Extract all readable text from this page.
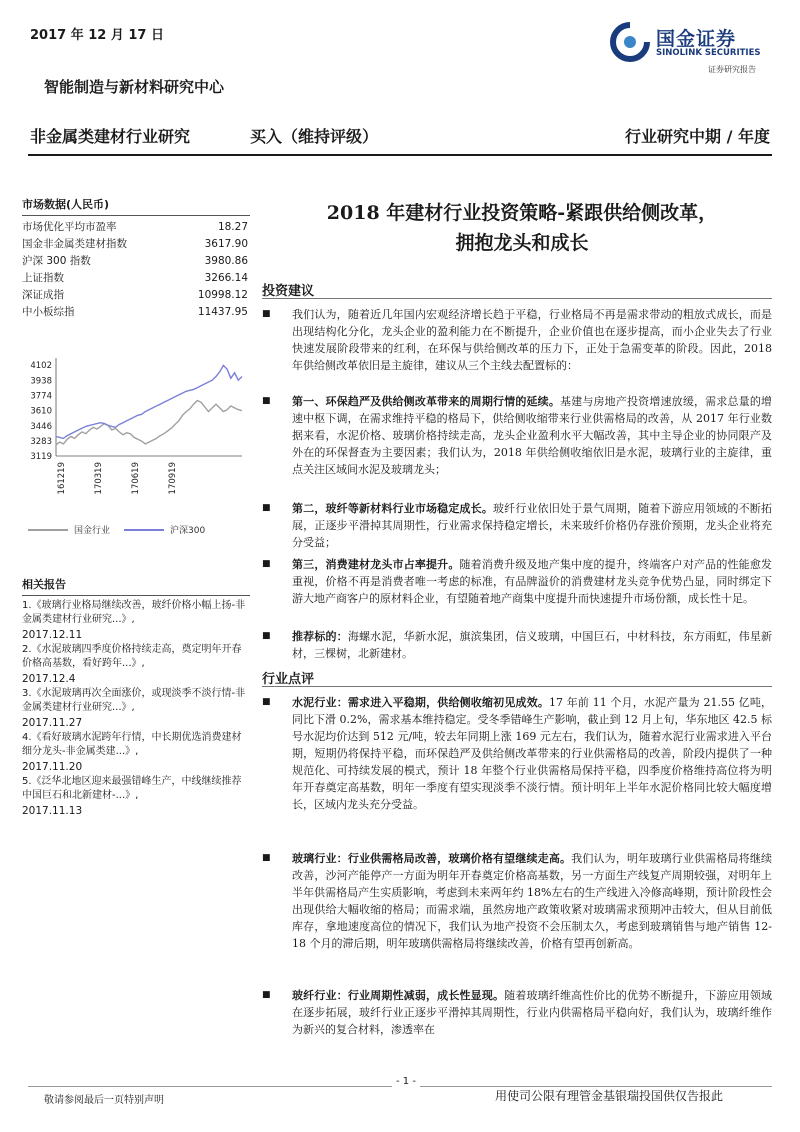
2017 年 12 月 17 日	国金证券
SINOLINK SECURITIES
证券研究报告
智能制造与新材料研究中心
非金属类建材行业研究	买入（维持评级）	行业研究中期 / 年度
市场数据(人民币)
市场优化平均市盈率	18.27
国金非金属类建材指数	3617.90
沪深 300 指数	3980.86
上证指数	3266.14
深证成指	10998.12
中小板综指	11437.95
3119
3283
3446
3610
3774
3938
4102
161219	170319	170619	170919
国金行业	沪深300
相关报告
1.《玻璃行业格局继续改善，玻纤价格小幅上扬-非金属类建材行业研究...》,
2017.12.11
2.《水泥玻璃四季度价格持续走高，奠定明年开春价格高基数，看好跨年...》,
2017.12.4
3.《水泥玻璃再次全面涨价，或现淡季不淡行情-非金属类建材行业研究...》,
2017.11.27
4.《看好玻璃水泥跨年行情，中长期优选消费建材细分龙头-非金属类建...》,
2017.11.20
5.《泛华北地区迎来最强错峰生产，中线继续推荐中国巨石和北新建材-...》,
2017.11.13
2018 年建材行业投资策略-紧跟供给侧改革，
拥抱龙头和成长
投资建议
■	我们认为，随着近几年国内宏观经济增长趋于平稳，行业格局不再是需求带动的粗放式成长，而是出现结构化分化，龙头企业的盈利能力在不断提升，企业价值也在逐步提高，而小企业失去了行业快速发展阶段带来的红利，在环保与供给侧改革的压力下，正处于急需变革的阶段。因此，2018 年供给侧改革依旧是主旋律，建议从三个主线去配置标的：
■	第一、环保趋严及供给侧改革带来的周期行情的延续。基建与房地产投资增速放缓，需求总量的增速中枢下调，在需求维持平稳的格局下，供给侧收缩带来行业供需格局的改善，从 2017 年行业数据来看，水泥价格、玻璃价格持续走高，龙头企业盈利水平大幅改善，其中主导企业的协同限产及外在的环保督查为主要因素；我们认为，2018 年供给侧收缩依旧是水泥，玻璃行业的主旋律，重点关注区域间水泥及玻璃龙头；
■	第二，玻纤等新材料行业市场稳定成长。玻纤行业依旧处于景气周期，随着下游应用领域的不断拓展，正逐步平滑掉其周期性，行业需求保持稳定增长，未来玻纤价格仍存涨价预期，龙头企业将充分受益；
■	第三，消费建材龙头市占率提升。随着消费升级及地产集中度的提升，终端客户对产品的性能愈发重视，价格不再是消费者唯一考虑的标准，有品牌溢价的消费建材龙头竞争优势凸显，同时绑定下游大地产商客户的原材料企业，有望随着地产商集中度提升而快速提升市场份额，成长性十足。
■	推荐标的：海螺水泥，华新水泥，旗滨集团，信义玻璃，中国巨石，中材科技，东方雨虹，伟星新材，三棵树，北新建材。
行业点评
■	水泥行业：需求进入平稳期，供给侧收缩初见成效。17 年前 11 个月，水泥产量为 21.55 亿吨，同比下滑 0.2%，需求基本维持稳定。受冬季错峰生产影响，截止到 12 月上旬，华东地区 42.5 标号水泥均价达到 512 元/吨，较去年同期上涨 169 元左右，我们认为，随着水泥行业需求进入平台期，短期仍将保持平稳，而环保趋严及供给侧改革带来的行业供需格局的改善，阶段内提供了一种规范化、可持续发展的模式，预计 18 年整个行业供需格局保持平稳，四季度价格维持高位将为明年开春奠定高基数，明年一季度有望实现淡季不淡行情。预计明年上半年水泥价格同比较大幅度增长，区域内龙头充分受益。
■	玻璃行业：行业供需格局改善，玻璃价格有望继续走高。我们认为，明年玻璃行业供需格局将继续改善，沙河产能停产一方面为明年开春奠定价格高基数，另一方面生产线复产周期较强，对明年上半年供需格局产生实质影响，考虑到未来两年约 18%左右的生产线进入冷修高峰期，预计阶段性会出现供给大幅收缩的格局；而需求端，虽然房地产政策收紧对玻璃需求预期冲击较大，但从目前低库存，拿地速度高位的情况下，我们认为地产投资不会压制太久，考虑到玻璃销售与地产销售 12-18 个月的滞后期，明年玻璃供需格局将继续改善，价格有望再创新高。
■	玻纤行业：行业周期性减弱，成长性显现。随着玻璃纤维高性价比的优势不断提升，下游应用领域在逐步拓展，玻纤行业正逐步平滑掉其周期性，行业内供需格局平稳向好，我们认为，玻璃纤维作为新兴的复合材料，渗透率在
- 1 -
敬请参阅最后一页特别声明	用使司公限有理管金基银瑞投国供仅告报此
